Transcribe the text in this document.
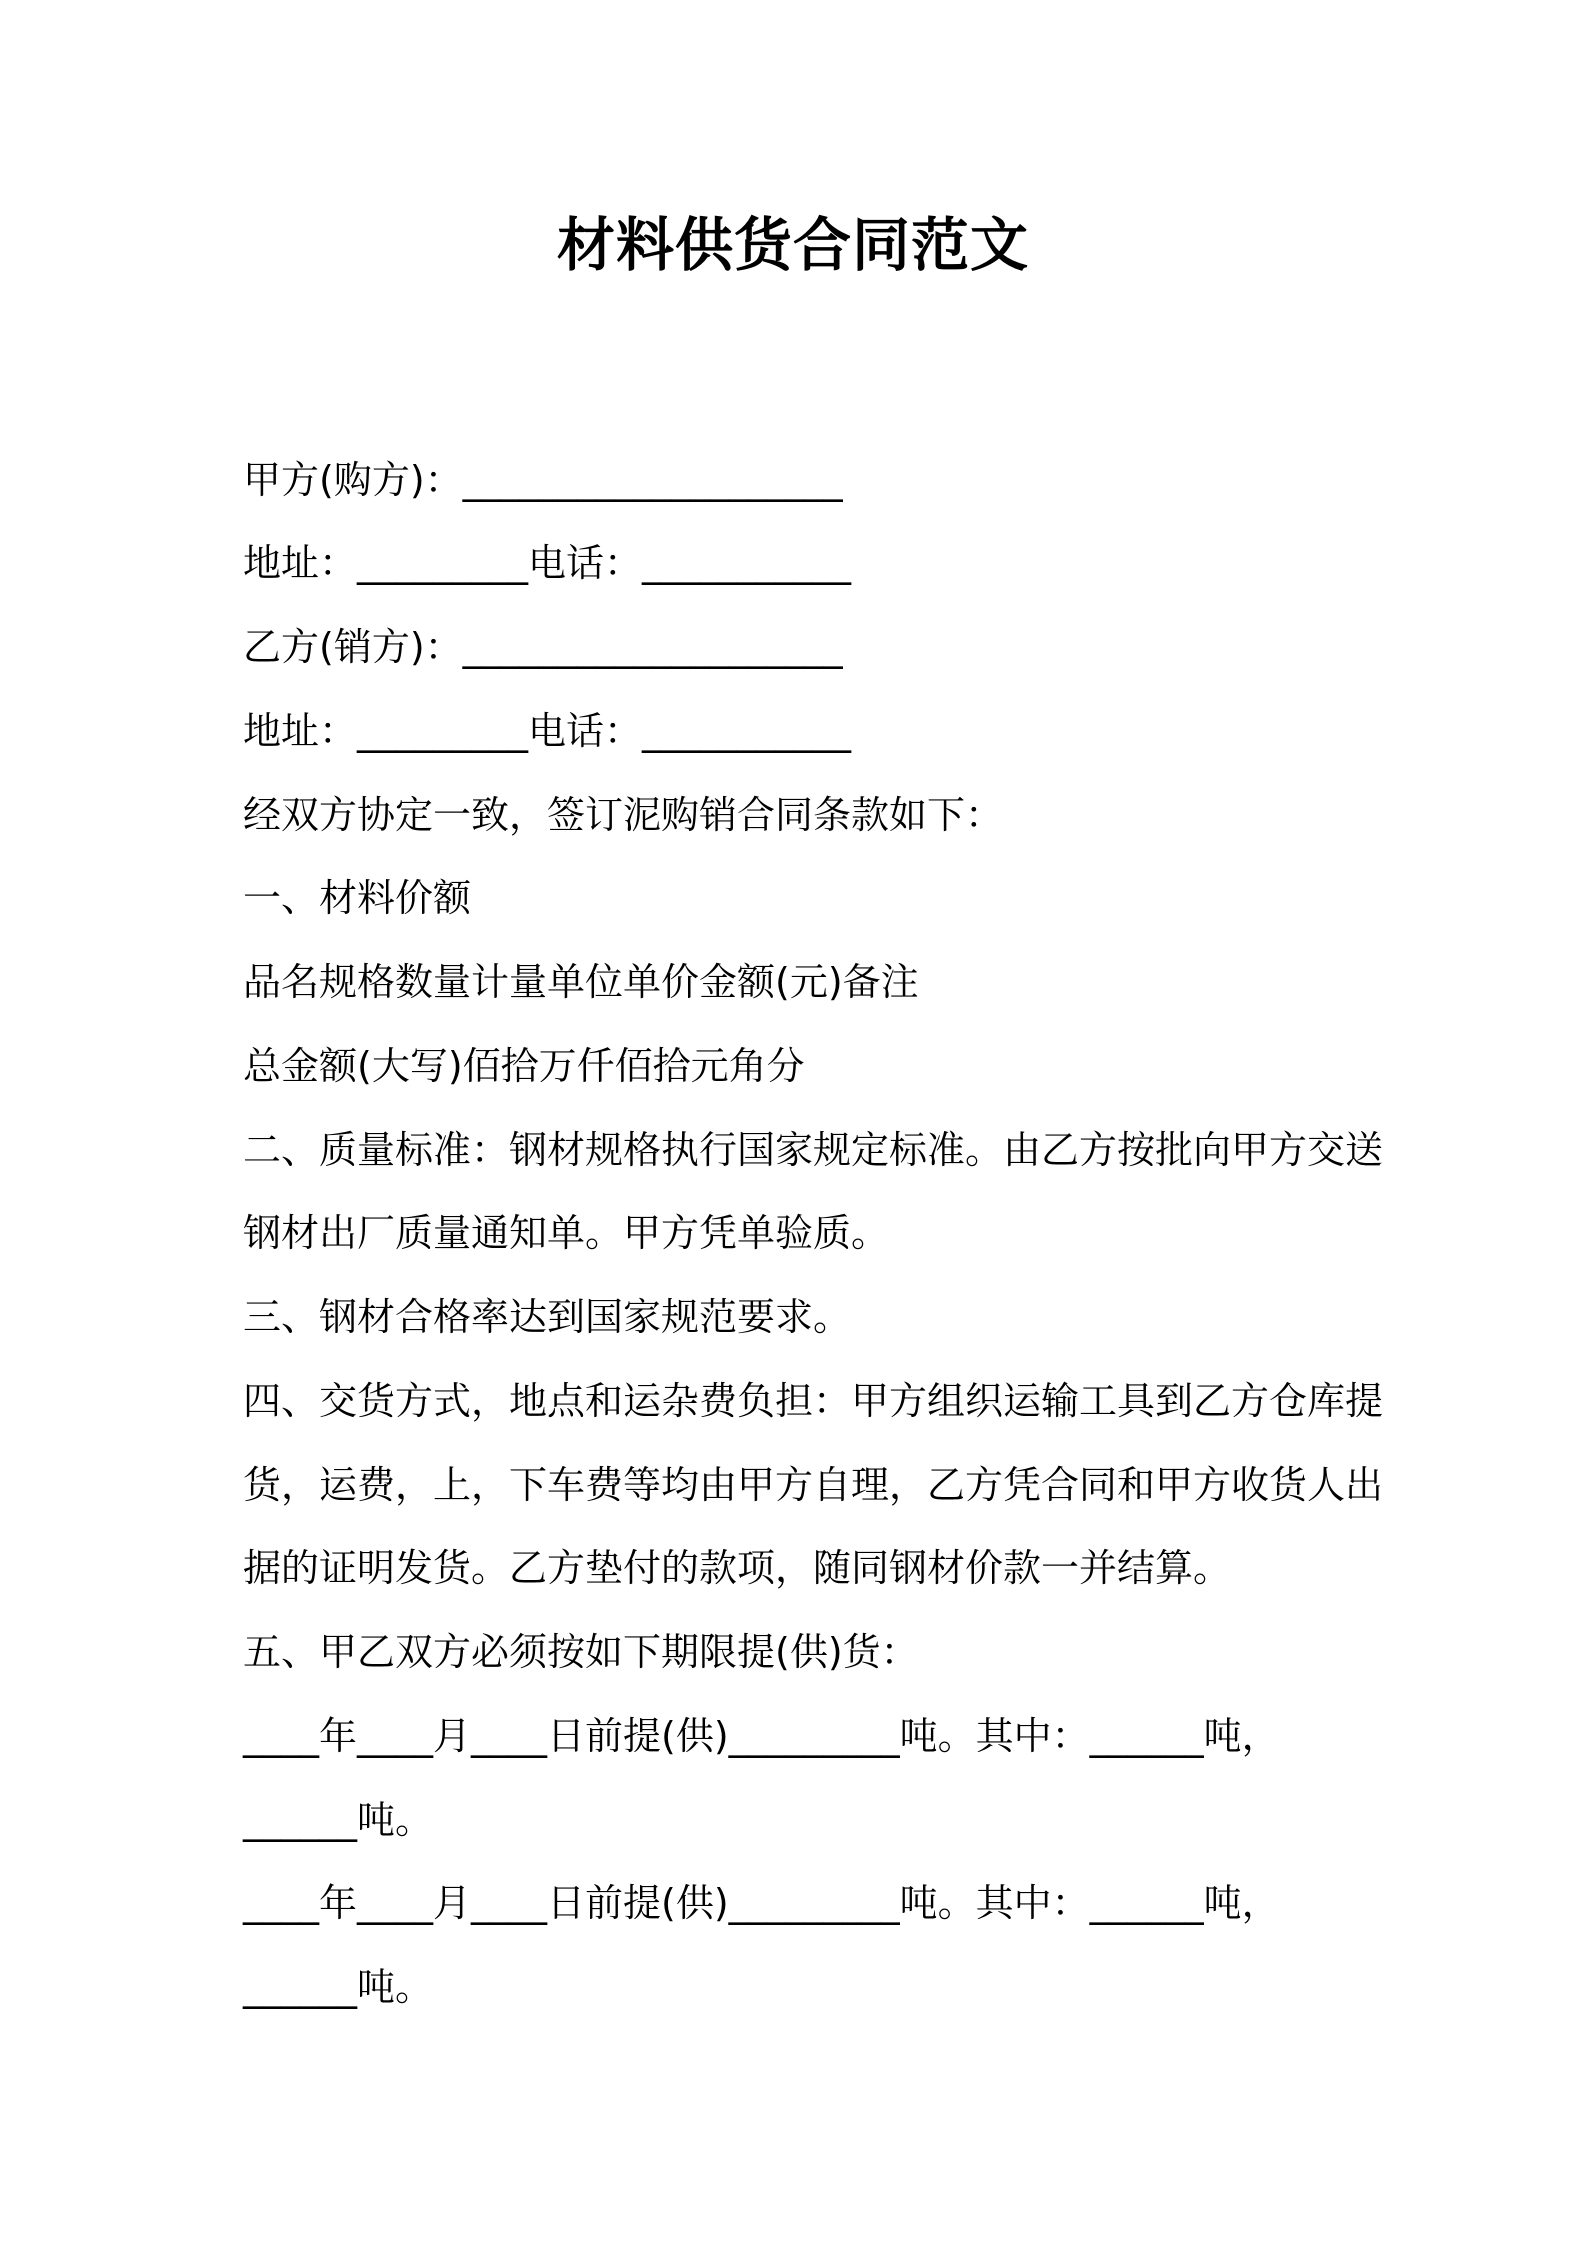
材料供货合同范文
甲方(购方)：____________________
地址：_________电话：___________
乙方(销方)：____________________
地址：_________电话：___________
经双方协定一致，签订泥购销合同条款如下：
一、材料价额
品名规格数量计量单位单价金额(元)备注
总金额(大写)佰拾万仟佰拾元角分
二、质量标准：钢材规格执行国家规定标准。由乙方按批向甲方交送
钢材出厂质量通知单。甲方凭单验质。
三、钢材合格率达到国家规范要求。
四、交货方式，地点和运杂费负担：甲方组织运输工具到乙方仓库提
货，运费，上，下车费等均由甲方自理，乙方凭合同和甲方收货人出
据的证明发货。乙方垫付的款项，随同钢材价款一并结算。
五、甲乙双方必须按如下期限提(供)货：
____年____月____日前提(供)_________吨。其中：______吨，
______吨。
____年____月____日前提(供)_________吨。其中：______吨，
______吨。
